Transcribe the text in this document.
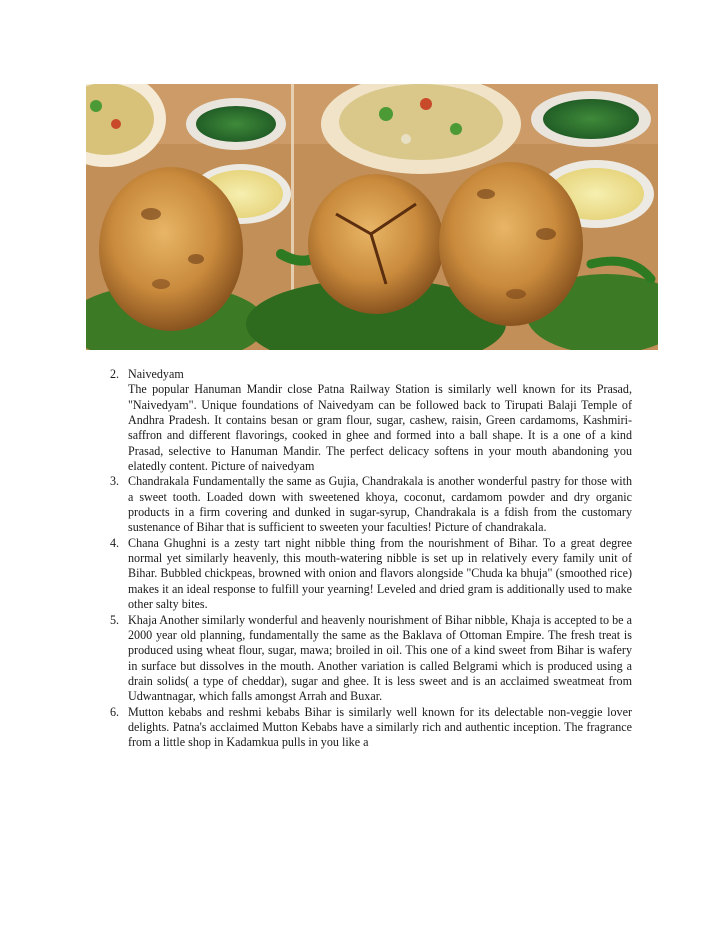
2. Naivedyam
The popular Hanuman Mandir close Patna Railway Station is similarly well known for its Prasad, "Naivedyam". Unique foundations of Naivedyam can be followed back to Tirupati Balaji Temple of Andhra Pradesh. It contains besan or gram flour, sugar, cashew, raisin, Green cardamoms, Kashmiri-saffron and different flavorings, cooked in ghee and formed into a ball shape. It is a one of a kind Prasad, selective to Hanuman Mandir. The perfect delicacy softens in your mouth abandoning you elatedly content. Picture of naivedyam
3. Chandrakala Fundamentally the same as Gujia, Chandrakala is another wonderful pastry for those with a sweet tooth. Loaded down with sweetened khoya, coconut, cardamom powder and dry organic products in a firm covering and dunked in sugar-syrup, Chandrakala is a fdish from the customary sustenance of Bihar that is sufficient to sweeten your faculties! Picture of chandrakala.
4. Chana Ghughni is a zesty tart night nibble thing from the nourishment of Bihar. To a great degree normal yet similarly heavenly, this mouth-watering nibble is set up in relatively every family unit of Bihar. Bubbled chickpeas, browned with onion and flavors alongside "Chuda ka bhuja" (smoothed rice) makes it an ideal response to fulfill your yearning! Leveled and dried gram is additionally used to make other salty bites.
5. Khaja Another similarly wonderful and heavenly nourishment of Bihar nibble, Khaja is accepted to be a 2000 year old planning, fundamentally the same as the Baklava of Ottoman Empire. The fresh treat is produced using wheat flour, sugar, mawa; broiled in oil. This one of a kind sweet from Bihar is wafery in surface but dissolves in the mouth. Another variation is called Belgrami which is produced using a drain solids( a type of cheddar), sugar and ghee. It is less sweet and is an acclaimed sweatmeat from Udwantnagar, which falls amongst Arrah and Buxar.
6. Mutton kebabs and reshmi kebabs Bihar is similarly well known for its delectable non-veggie lover delights. Patna's acclaimed Mutton Kebabs have a similarly rich and authentic inception. The fragrance from a little shop in Kadamkua pulls in you like a
